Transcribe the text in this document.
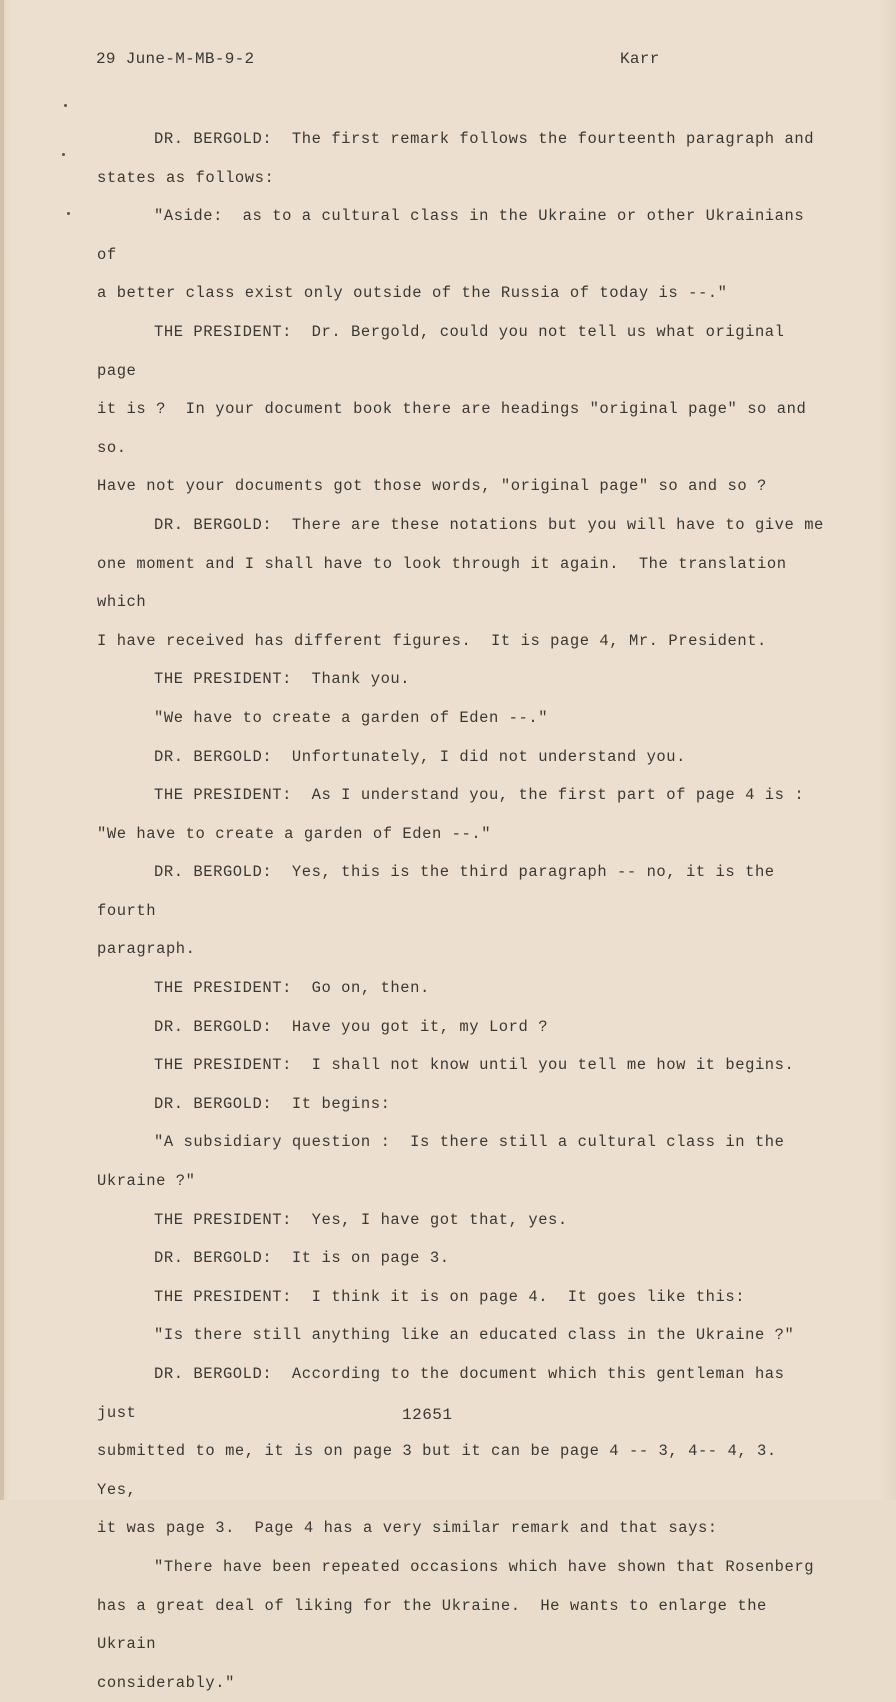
29 June-M-MB-9-2	Karr

DR. BERGOLD: The first remark follows the fourteenth paragraph and

states as follows:

"Aside:  as to a cultural class in the Ukraine or other Ukrainians of

a better class exist only outside of the Russia of today is --."

THE PRESIDENT: Dr. Bergold, could you not tell us what original page

it is ?  In your document book there are headings "original page" so and so.

Have not your documents got those words, "original page" so and so ?

DR. BERGOLD: There are these notations but you will have to give me

one moment and I shall have to look through it again.  The translation which

I have received has different figures.  It is page 4, Mr. President.

THE PRESIDENT: Thank you.

"We have to create a garden of Eden --."

DR. BERGOLD: Unfortunately, I did not understand you.

THE PRESIDENT: As I understand you, the first part of page 4 is :

"We have to create a garden of Eden --."

DR. BERGOLD: Yes, this is the third paragraph -- no, it is the fourth

paragraph.

THE PRESIDENT: Go on, then.

DR. BERGOLD: Have you got it, my Lord ?

THE PRESIDENT: I shall not know until you tell me how it begins.

DR. BERGOLD: It begins:

"A subsidiary question :  Is there still a cultural class in the

Ukraine ?"

THE PRESIDENT: Yes, I have got that, yes.

DR. BERGOLD: It is on page 3.

THE PRESIDENT: I think it is on page 4.  It goes like this:

"Is there still anything like an educated class in the Ukraine ?"

DR. BERGOLD: According to the document which this gentleman has just

submitted to me, it is on page 3 but it can be page 4 -- 3, 4-- 4, 3.  Yes,

it was page 3.  Page 4 has a very similar remark and that says:

"There have been repeated occasions which have shown that Rosenberg

has a great deal of liking for the Ukraine.  He wants to enlarge the Ukrain

considerably."

12651
